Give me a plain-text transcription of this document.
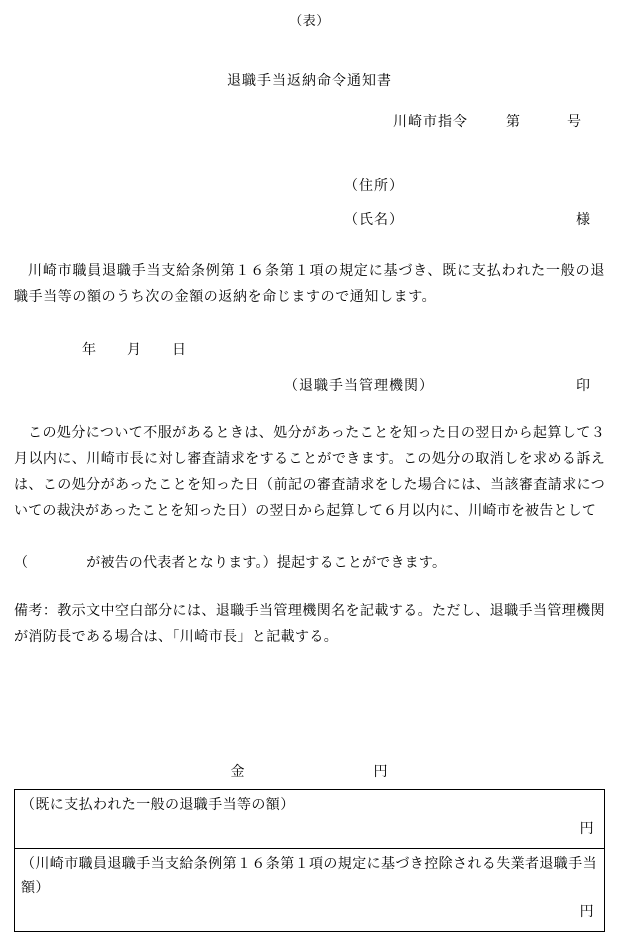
（表）
退職手当返納命令通知書
川崎市指令	第	号
（住所）
（氏名）	様
川崎市職員退職手当支給条例第１６条第１項の規定に基づき、既に支払われた一般の退職手当等の額のうち次の金額の返納を命じますので通知します。
年 月 日
（退職手当管理機関）	印
この処分について不服があるときは、処分があったことを知った日の翌日から起算して３月以内に、川崎市長に対し審査請求をすることができます。この処分の取消しを求める訴えは、この処分があったことを知った日（前記の審査請求をした場合には、当該審査請求についての裁決があったことを知った日）の翌日から起算して６月以内に、川崎市を被告として
（	が被告の代表者となります。）提起することができます。
備考：教示文中空白部分には、退職手当管理機関名を記載する。ただし、退職手当管理機関が消防長である場合は、「川崎市長」と記載する。
金	円
（既に支払われた一般の退職手当等の額）
円

（川崎市職員退職手当支給条例第１６条第１項の規定に基づき控除される失業者退職手当額）
円
